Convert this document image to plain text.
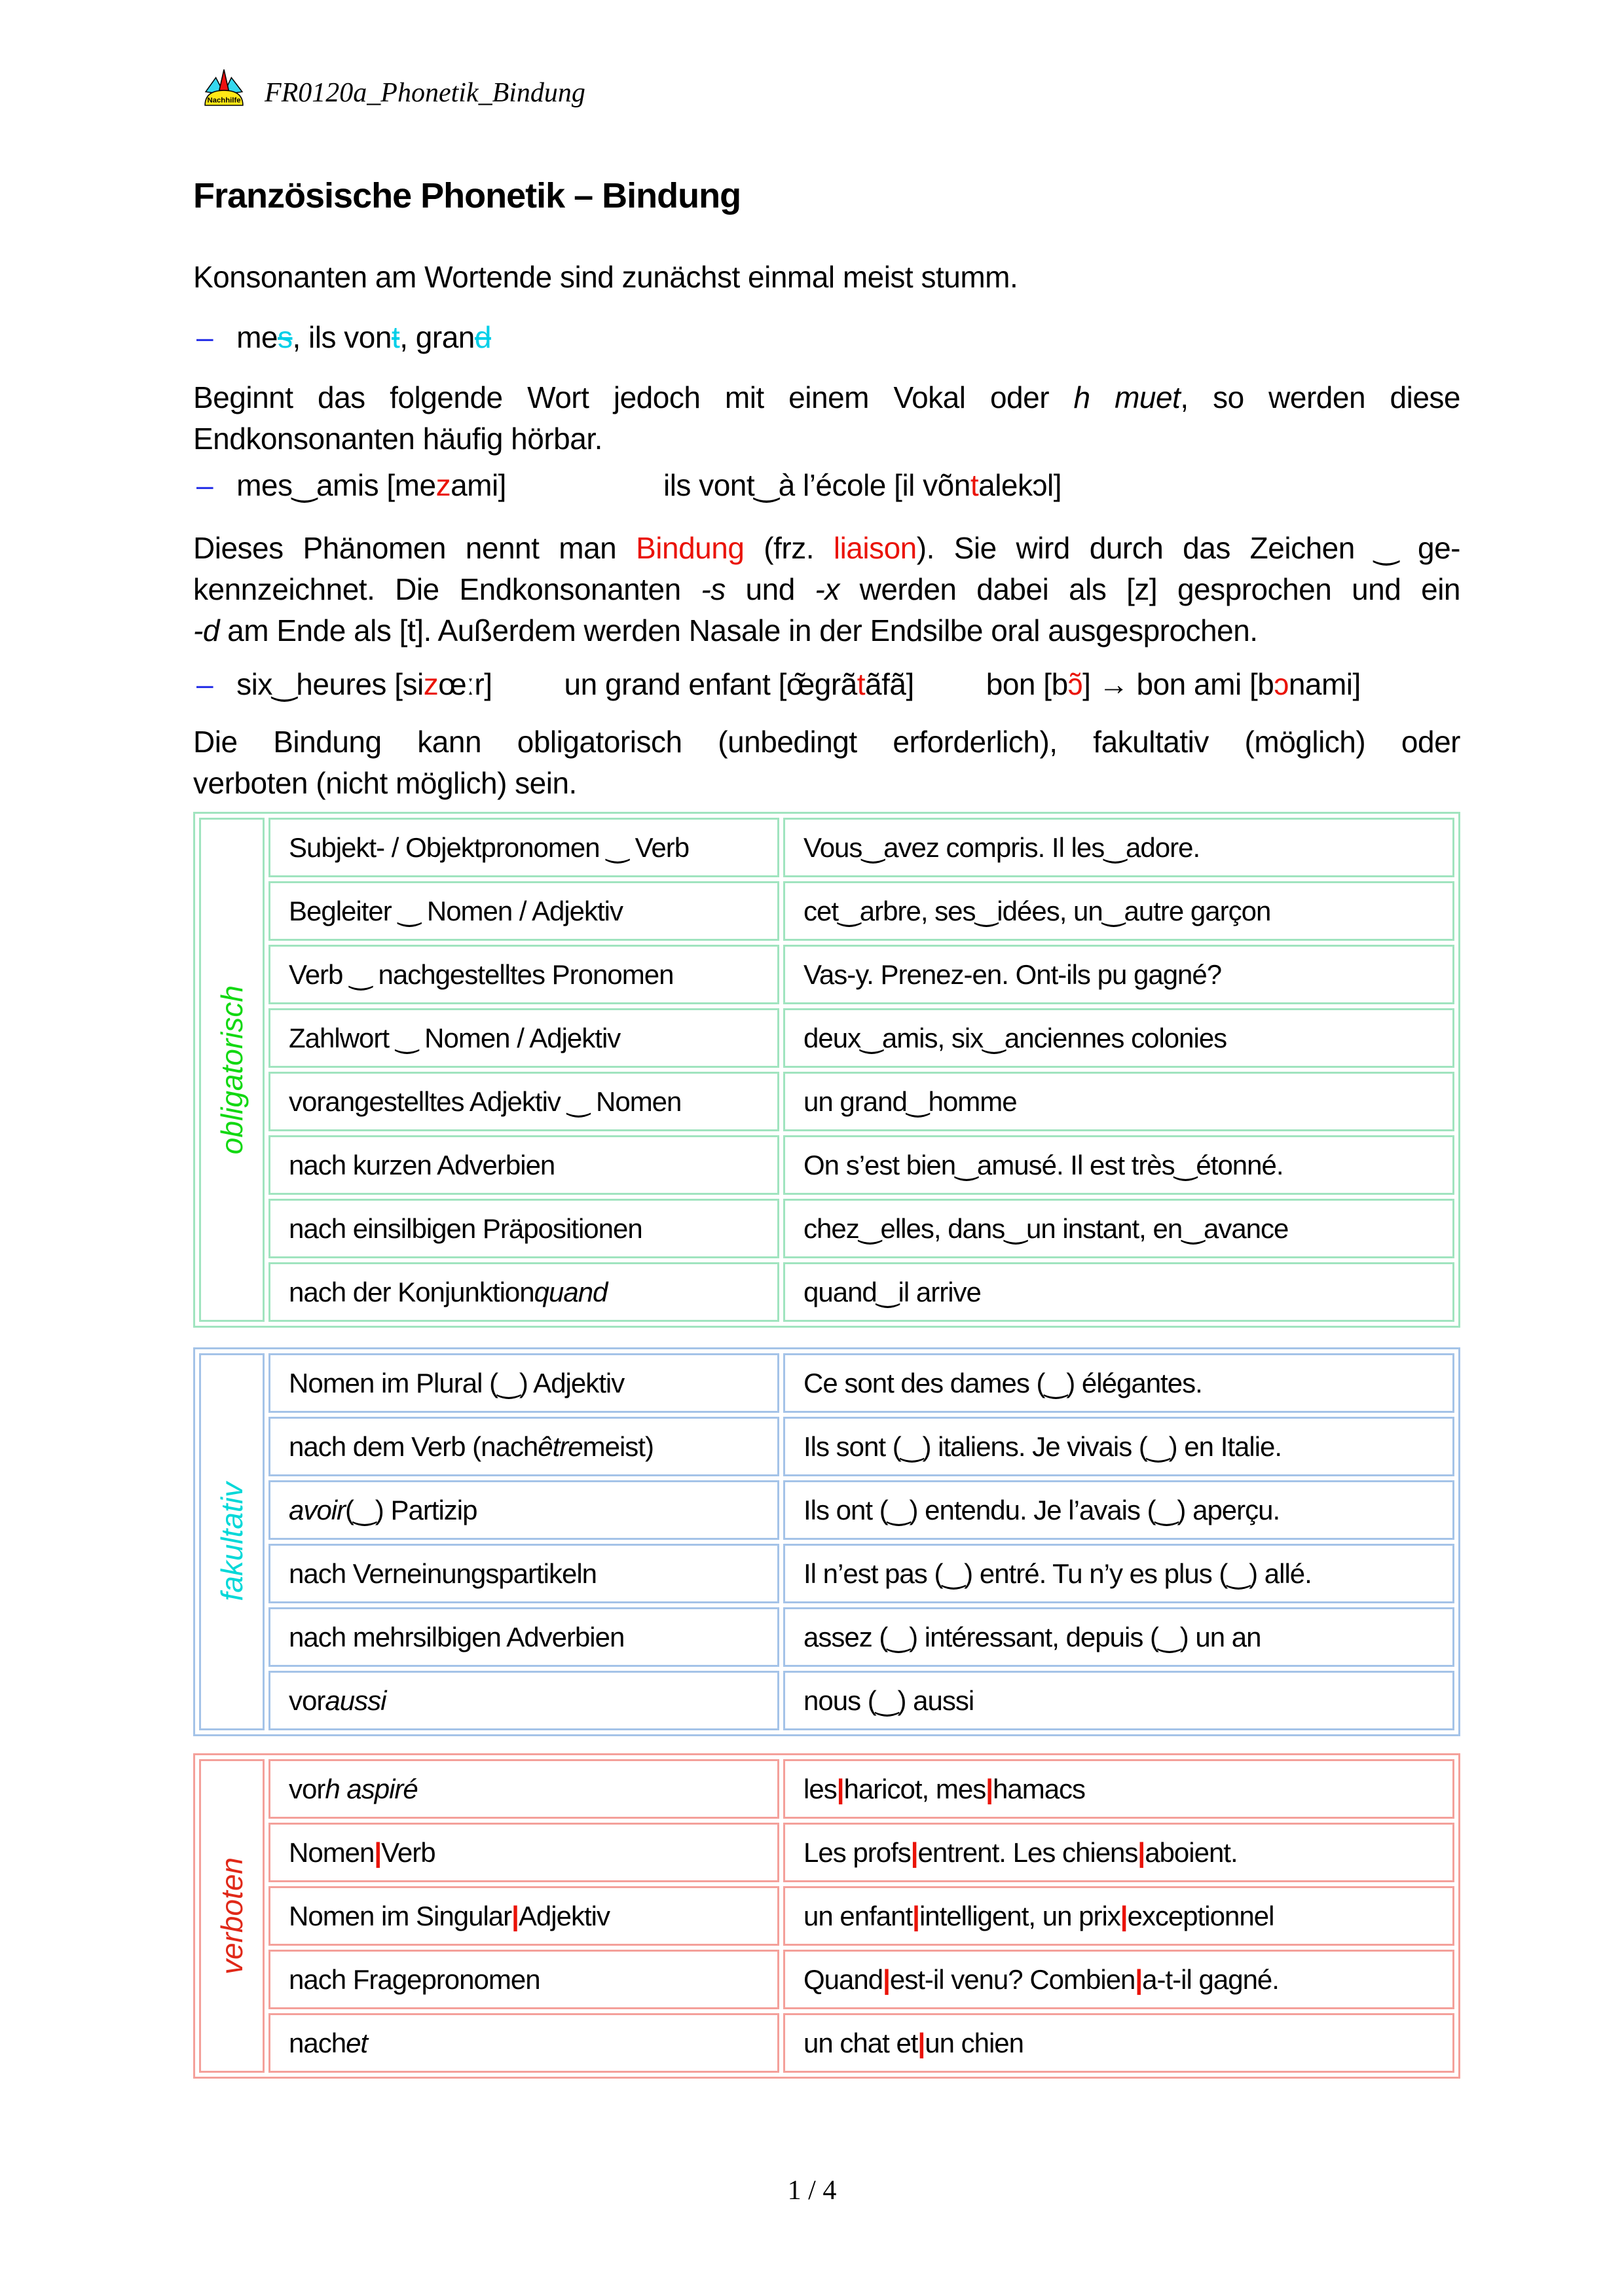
Nachhilfe FR0120a_Phonetik_Bindung
Französische Phonetik – Bindung
Konsonanten am Wortende sind zunächst einmal meist stumm.
– mes, ils vont, grand
Beginnt das folgende Wort jedoch mit einem Vokal oder h muet, so werden diese
Endkonsonanten häufig hörbar.
– mes‿amis [mezami]	ils vont‿à l’école [il võntalekɔl]
Dieses Phänomen nennt man Bindung (frz. liaison). Sie wird durch das Zeichen ‿ ge-
kennzeichnet. Die Endkonsonanten -s und -x werden dabei als [z] gesprochen und ein
-d am Ende als [t]. Außerdem werden Nasale in der Endsilbe oral ausgesprochen.
– six‿heures [sizœːr] un grand enfant [œ̃grãtãfã] bon [bɔ̃] → bon ami [bɔnami]
Die Bindung kann obligatorisch (unbedingt erforderlich), fakultativ (möglich) oder
verboten (nicht möglich) sein.
obligatorisch
Subjekt- / Objektpronomen ‿ Verb	Vous‿avez compris. Il les‿adore.
Begleiter ‿ Nomen / Adjektiv	cet‿arbre, ses‿idées, un‿autre garçon
Verb ‿ nachgestelltes Pronomen	Vas-y. Prenez-en. Ont-ils pu gagné?
Zahlwort ‿ Nomen / Adjektiv	deux‿amis, six‿anciennes colonies
vorangestelltes Adjektiv ‿ Nomen	un grand‿homme
nach kurzen Adverbien	On s’est bien‿amusé. Il est très‿étonné.
nach einsilbigen Präpositionen	chez‿elles, dans‿un instant, en‿avance
nach der Konjunktion quand	quand‿il arrive
fakultativ
Nomen im Plural (‿) Adjektiv	Ce sont des dames (‿) élégantes.
nach dem Verb (nach être meist)	Ils sont (‿) italiens. Je vivais (‿) en Italie.
avoir (‿) Partizip	Ils ont (‿) entendu. Je l’avais (‿) aperçu.
nach Verneinungspartikeln	Il n’est pas (‿) entré. Tu n’y es plus (‿) allé.
nach mehrsilbigen Adverbien	assez (‿) intéressant, depuis (‿) un an
vor aussi	nous (‿) aussi
verboten
vor h aspiré	les | haricot, mes | hamacs
Nomen | Verb	Les profs | entrent. Les chiens | aboient.
Nomen im Singular | Adjektiv	un enfant | intelligent, un prix | exceptionnel
nach Fragepronomen	Quand | est-il venu? Combien | a-t-il gagné.
nach et	un chat et | un chien
1 / 4
